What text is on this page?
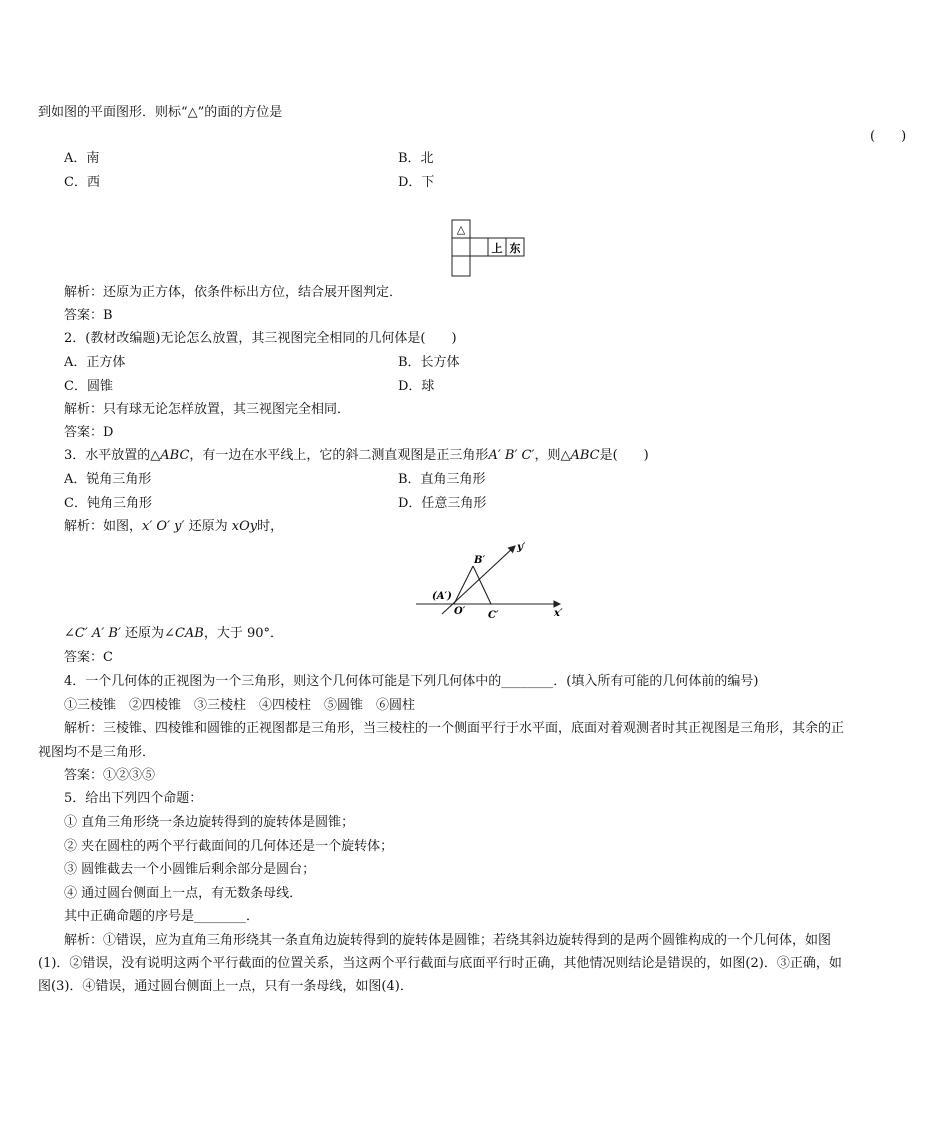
到如图的平面图形．则标“△”的面的方位是
(　　)
A．南	B．北
C．西	D．下
△
上 东
解析：还原为正方体，依条件标出方位，结合展开图判定．
答案：B
2．(教材改编题)无论怎么放置，其三视图完全相同的几何体是(　　)
A．正方体	B．长方体
C．圆锥	D．球
解析：只有球无论怎样放置，其三视图完全相同．
答案：D
3．水平放置的△ABC，有一边在水平线上，它的斜二测直观图是正三角形A′ B′ C′，则△ABC是(　　)
A．锐角三角形	B．直角三角形
C．钝角三角形	D．任意三角形
解析：如图，x′ O′ y′ 还原为 xOy时，
y′
B′
(A′)
O′ C′	x′
∠C′ A′ B′ 还原为∠CAB，大于 90°．
答案：C
4．一个几何体的正视图为一个三角形，则这个几何体可能是下列几何体中的________．(填入所有可能的几何体前的编号)
①三棱锥　②四棱锥　③三棱柱　④四棱柱　⑤圆锥　⑥圆柱
解析：三棱锥、四棱锥和圆锥的正视图都是三角形，当三棱柱的一个侧面平行于水平面，底面对着观测者时其正视图是三角形，其余的正
视图均不是三角形．
答案：①②③⑤
5．给出下列四个命题：
① 直角三角形绕一条边旋转得到的旋转体是圆锥；
② 夹在圆柱的两个平行截面间的几何体还是一个旋转体；
③ 圆锥截去一个小圆锥后剩余部分是圆台；
④ 通过圆台侧面上一点，有无数条母线．
其中正确命题的序号是________．
解析：①错误，应为直角三角形绕其一条直角边旋转得到的旋转体是圆锥；若绕其斜边旋转得到的是两个圆锥构成的一个几何体，如图
(1)．②错误，没有说明这两个平行截面的位置关系，当这两个平行截面与底面平行时正确，其他情况则结论是错误的，如图(2)．③正确，如
图(3)．④错误，通过圆台侧面上一点，只有一条母线，如图(4)．
